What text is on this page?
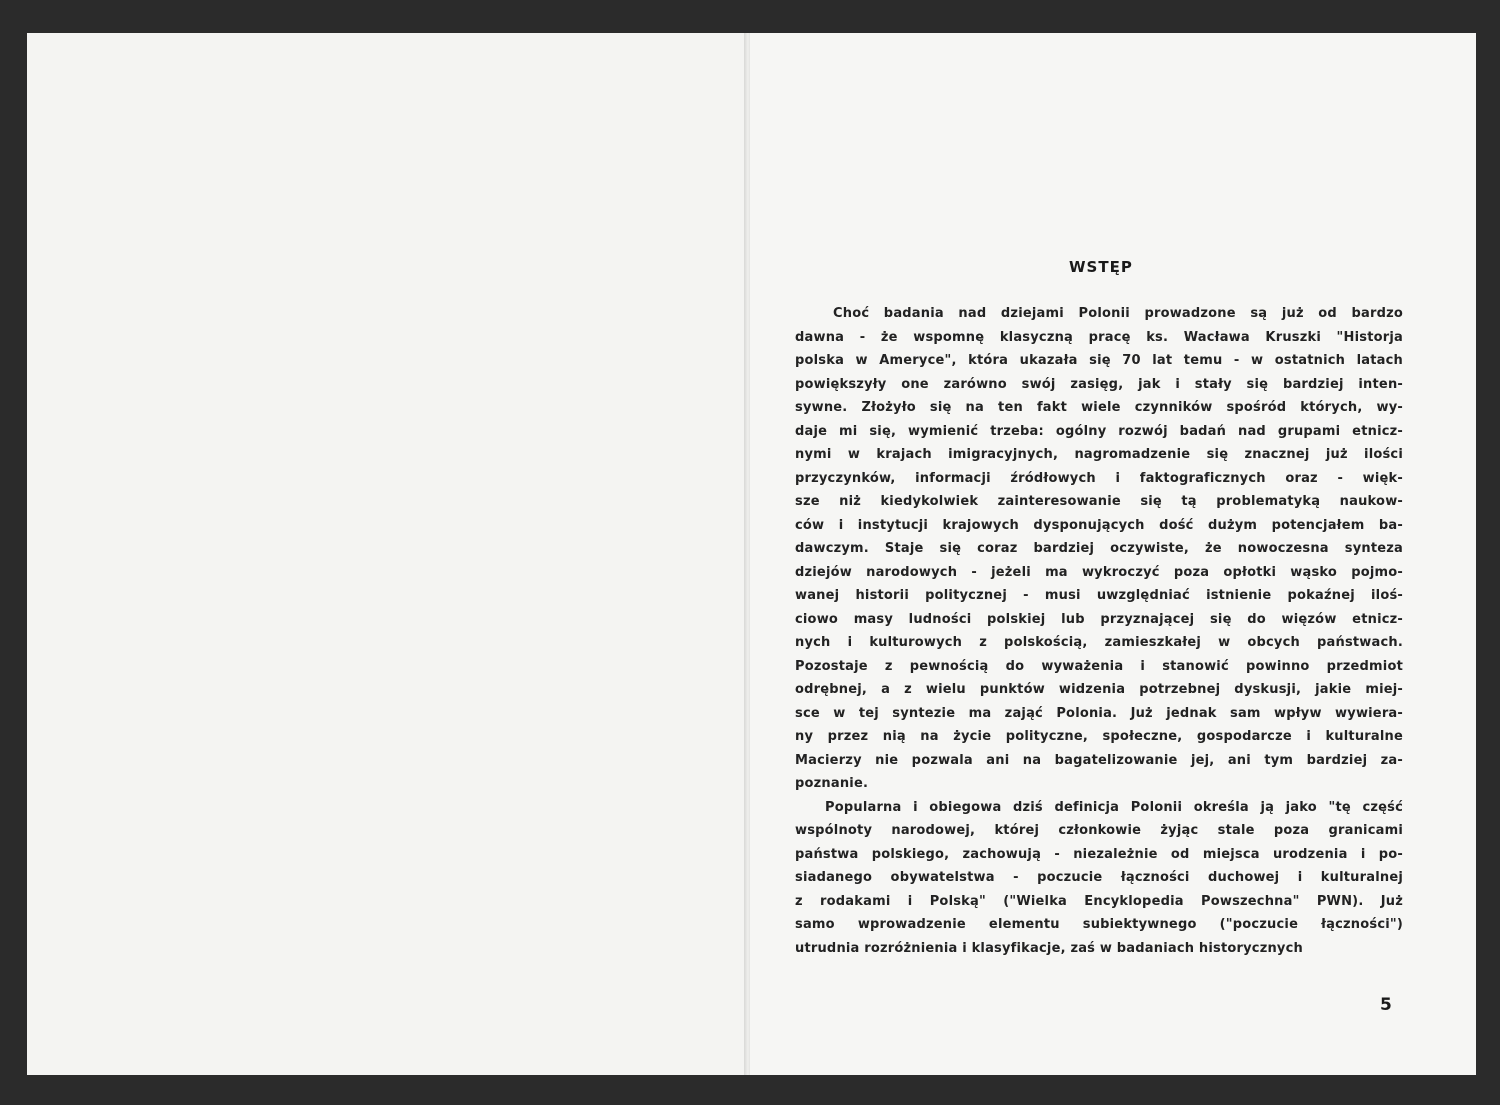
WSTĘP
Choć badania nad dziejami Polonii prowadzone są już od bardzo
dawna - że wspomnę klasyczną pracę ks. Wacława Kruszki "Historja
polska w Ameryce", która ukazała się 70 lat temu - w ostatnich latach
powiększyły one zarówno swój zasięg, jak i stały się bardziej inten-
sywne. Złożyło się na ten fakt wiele czynników spośród których, wy-
daje mi się, wymienić trzeba: ogólny rozwój badań nad grupami etnicz-
nymi w krajach imigracyjnych, nagromadzenie się znacznej już ilości
przyczynków, informacji źródłowych i faktograficznych oraz - więk-
sze niż kiedykolwiek zainteresowanie się tą problematyką naukow-
ców i instytucji krajowych dysponujących dość dużym potencjałem ba-
dawczym. Staje się coraz bardziej oczywiste, że nowoczesna synteza
dziejów narodowych - jeżeli ma wykroczyć poza opłotki wąsko pojmo-
wanej historii politycznej - musi uwzględniać istnienie pokaźnej iloś-
ciowo masy ludności polskiej lub przyznającej się do więzów etnicz-
nych i kulturowych z polskością, zamieszkałej w obcych państwach.
Pozostaje z pewnością do wyważenia i stanowić powinno przedmiot
odrębnej, a z wielu punktów widzenia potrzebnej dyskusji, jakie miej-
sce w tej syntezie ma zająć Polonia. Już jednak sam wpływ wywiera-
ny przez nią na życie polityczne, społeczne, gospodarcze i kulturalne
Macierzy nie pozwala ani na bagatelizowanie jej, ani tym bardziej za-
poznanie.
Popularna i obiegowa dziś definicja Polonii określa ją jako "tę część
wspólnoty narodowej, której członkowie żyjąc stale poza granicami
państwa polskiego, zachowują - niezależnie od miejsca urodzenia i po-
siadanego obywatelstwa - poczucie łączności duchowej i kulturalnej
z rodakami i Polską" ("Wielka Encyklopedia Powszechna" PWN). Już
samo wprowadzenie elementu subiektywnego ("poczucie łączności")
utrudnia rozróżnienia i klasyfikacje, zaś w badaniach historycznych
5
